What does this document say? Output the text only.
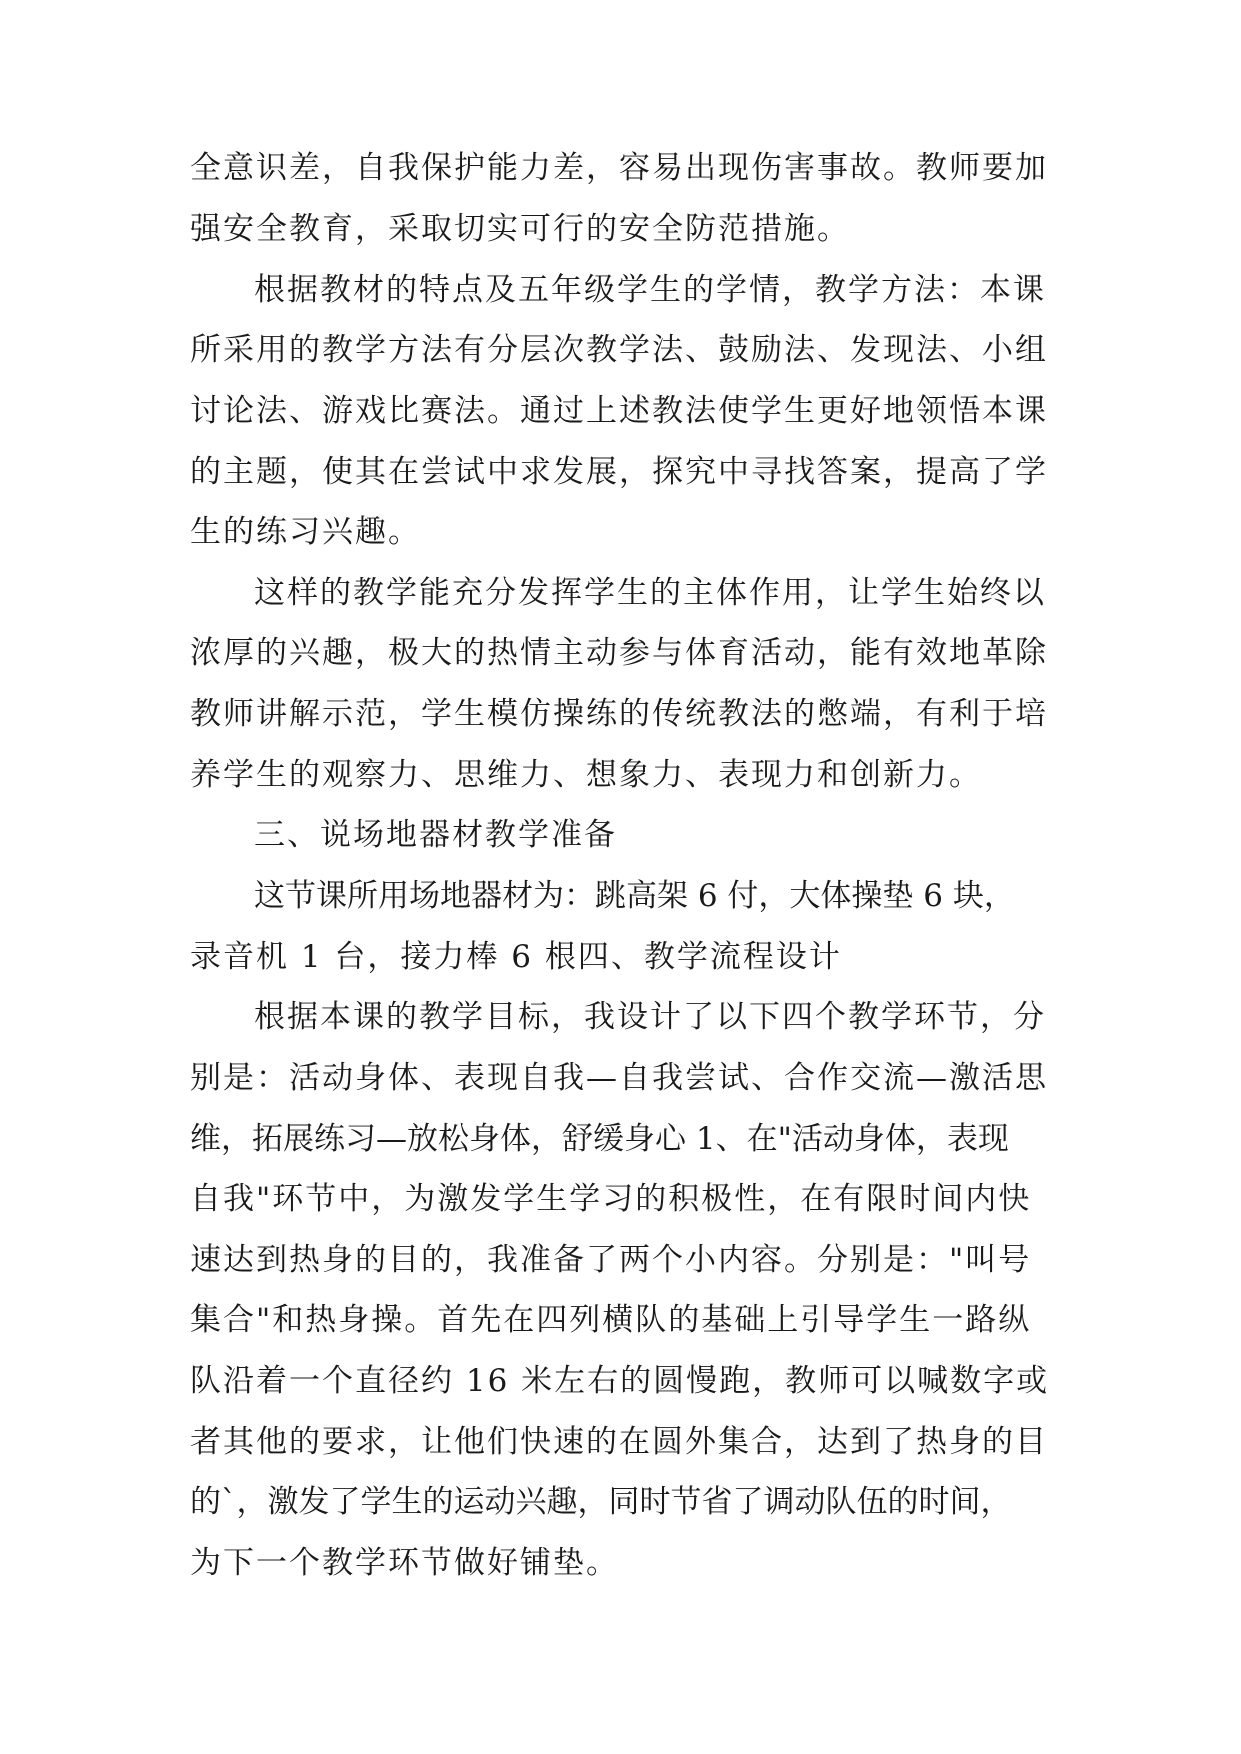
全意识差，自我保护能力差，容易出现伤害事故。教师要加
强安全教育，采取切实可行的安全防范措施。
根据教材的特点及五年级学生的学情，教学方法：本课
所采用的教学方法有分层次教学法、鼓励法、发现法、小组
讨论法、游戏比赛法。通过上述教法使学生更好地领悟本课
的主题，使其在尝试中求发展，探究中寻找答案，提高了学
生的练习兴趣。
这样的教学能充分发挥学生的主体作用，让学生始终以
浓厚的兴趣，极大的热情主动参与体育活动，能有效地革除
教师讲解示范，学生模仿操练的传统教法的憋端，有利于培
养学生的观察力、思维力、想象力、表现力和创新力。
三、说场地器材教学准备
这节课所用场地器材为：跳高架 6 付，大体操垫 6 块，
录音机 1 台，接力棒 6 根四、教学流程设计
根据本课的教学目标，我设计了以下四个教学环节，分
别是：活动身体、表现自我—自我尝试、合作交流—激活思
维，拓展练习—放松身体，舒缓身心 1、在"活动身体，表现
自我"环节中，为激发学生学习的积极性，在有限时间内快
速达到热身的目的，我准备了两个小内容。分别是："叫号
集合"和热身操。首先在四列横队的基础上引导学生一路纵
队沿着一个直径约 16 米左右的圆慢跑，教师可以喊数字或
者其他的要求，让他们快速的在圆外集合，达到了热身的目
的`，激发了学生的运动兴趣，同时节省了调动队伍的时间，
为下一个教学环节做好铺垫。
